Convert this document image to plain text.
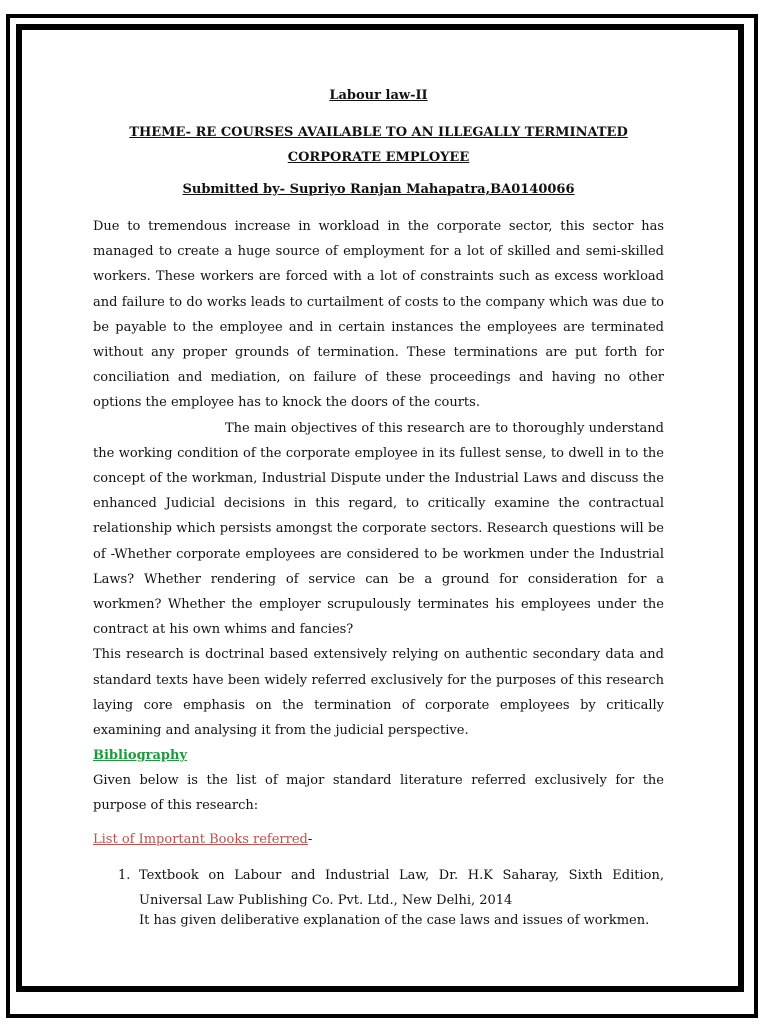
Labour law-II

THEME- RE COURSES AVAILABLE TO AN ILLEGALLY TERMINATED CORPORATE EMPLOYEE

Submitted by- Supriyo Ranjan Mahapatra,BA0140066

Due to tremendous increase in workload in the corporate sector, this sector has managed to create a huge source of employment for a lot of skilled and semi-skilled workers. These workers are forced with a lot of constraints such as excess workload and failure to do works leads to curtailment of costs to the company which was due to be payable to the employee and in certain instances the employees are terminated without any proper grounds of termination. These terminations are put forth for conciliation and mediation, on failure of these proceedings and having no other options the employee has to knock the doors of the courts.

The main objectives of this research are to thoroughly understand the working condition of the corporate employee in its fullest sense, to dwell in to the concept of the workman, Industrial Dispute under the Industrial Laws and discuss the enhanced Judicial decisions in this regard, to critically examine the contractual relationship which persists amongst the corporate sectors. Research questions will be of -Whether corporate employees are considered to be workmen under the Industrial Laws? Whether rendering of service can be a ground for consideration for a workmen? Whether the employer scrupulously terminates his employees under the contract at his own whims and fancies?

This research is doctrinal based extensively relying on authentic secondary data and standard texts have been widely referred exclusively for the purposes of this research laying core emphasis on the termination of corporate employees by critically examining and analysing it from the judicial perspective.

Bibliography

Given below is the list of major standard literature referred exclusively for the purpose of this research:

List of Important Books referred-

1. Textbook on Labour and Industrial Law, Dr. H.K Saharay, Sixth Edition, Universal Law Publishing Co. Pvt. Ltd., New Delhi, 2014
It has given deliberative explanation of the case laws and issues of workmen.
